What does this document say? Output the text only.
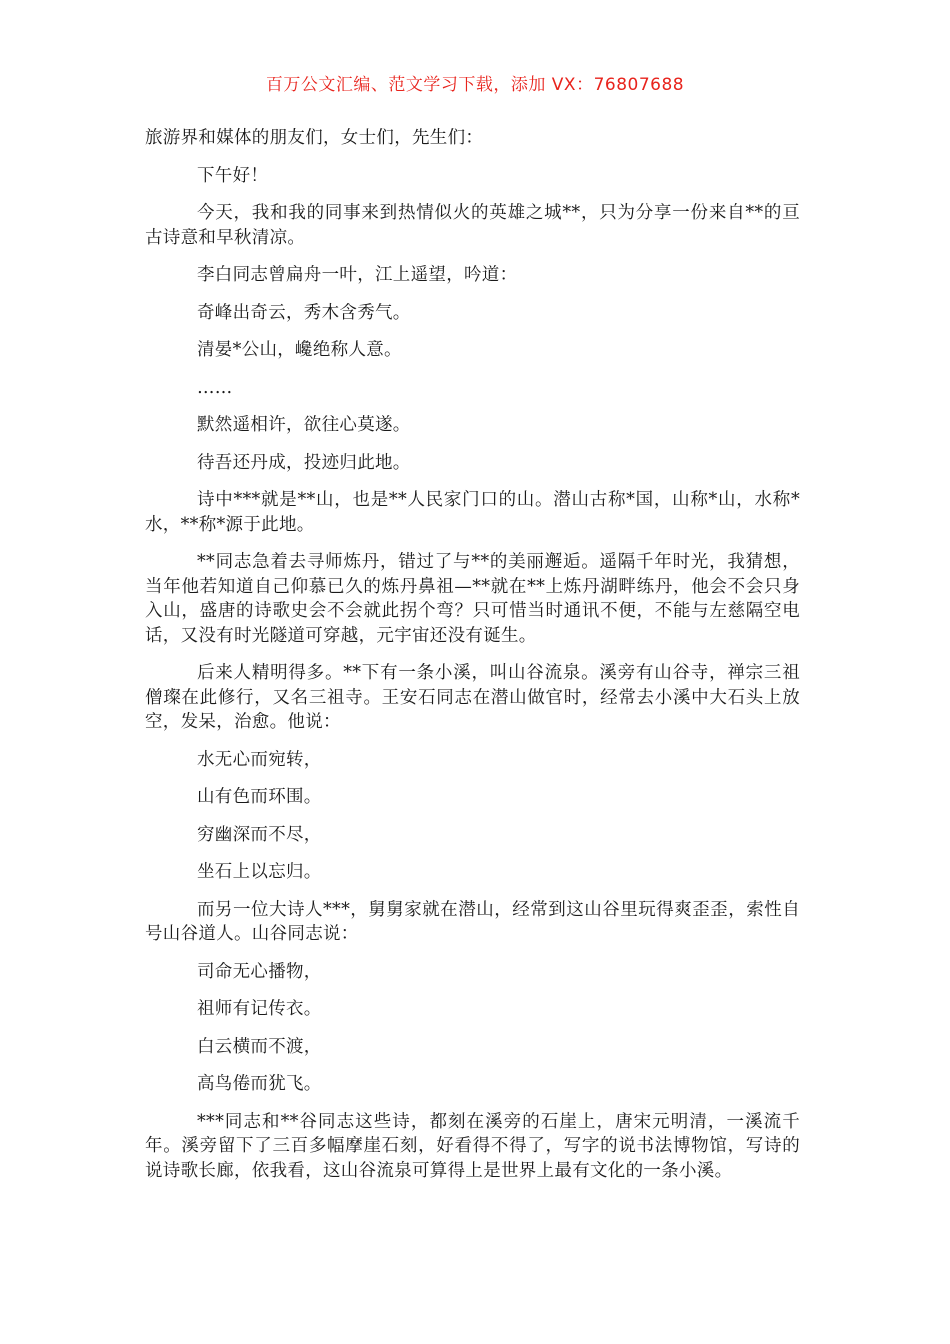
百万公文汇编、范文学习下载，添加 VX：76807688

旅游界和媒体的朋友们，女士们，先生们：

下午好！

今天，我和我的同事来到热情似火的英雄之城**，只为分享一份来自**的亘古诗意和早秋清凉。

李白同志曾扁舟一叶，江上遥望，吟道：

奇峰出奇云，秀木含秀气。

清晏*公山，巉绝称人意。

……

默然遥相许，欲往心莫遂。

待吾还丹成，投迹归此地。

诗中***就是**山，也是**人民家门口的山。潜山古称*国，山称*山，水称*水，**称*源于此地。

**同志急着去寻师炼丹，错过了与**的美丽邂逅。遥隔千年时光，我猜想，当年他若知道自己仰慕已久的炼丹鼻祖—**就在**上炼丹湖畔练丹，他会不会只身入山，盛唐的诗歌史会不会就此拐个弯？只可惜当时通讯不便，不能与左慈隔空电话，又没有时光隧道可穿越，元宇宙还没有诞生。

后来人精明得多。**下有一条小溪，叫山谷流泉。溪旁有山谷寺，禅宗三祖僧璨在此修行，又名三祖寺。王安石同志在潜山做官时，经常去小溪中大石头上放空，发呆，治愈。他说：

水无心而宛转，

山有色而环围。

穷幽深而不尽，

坐石上以忘归。

而另一位大诗人***，舅舅家就在潜山，经常到这山谷里玩得爽歪歪，索性自号山谷道人。山谷同志说：

司命无心播物，

祖师有记传衣。

白云横而不渡，

高鸟倦而犹飞。

***同志和**谷同志这些诗，都刻在溪旁的石崖上，唐宋元明清，一溪流千年。溪旁留下了三百多幅摩崖石刻，好看得不得了，写字的说书法博物馆，写诗的说诗歌长廊，依我看，这山谷流泉可算得上是世界上最有文化的一条小溪。
